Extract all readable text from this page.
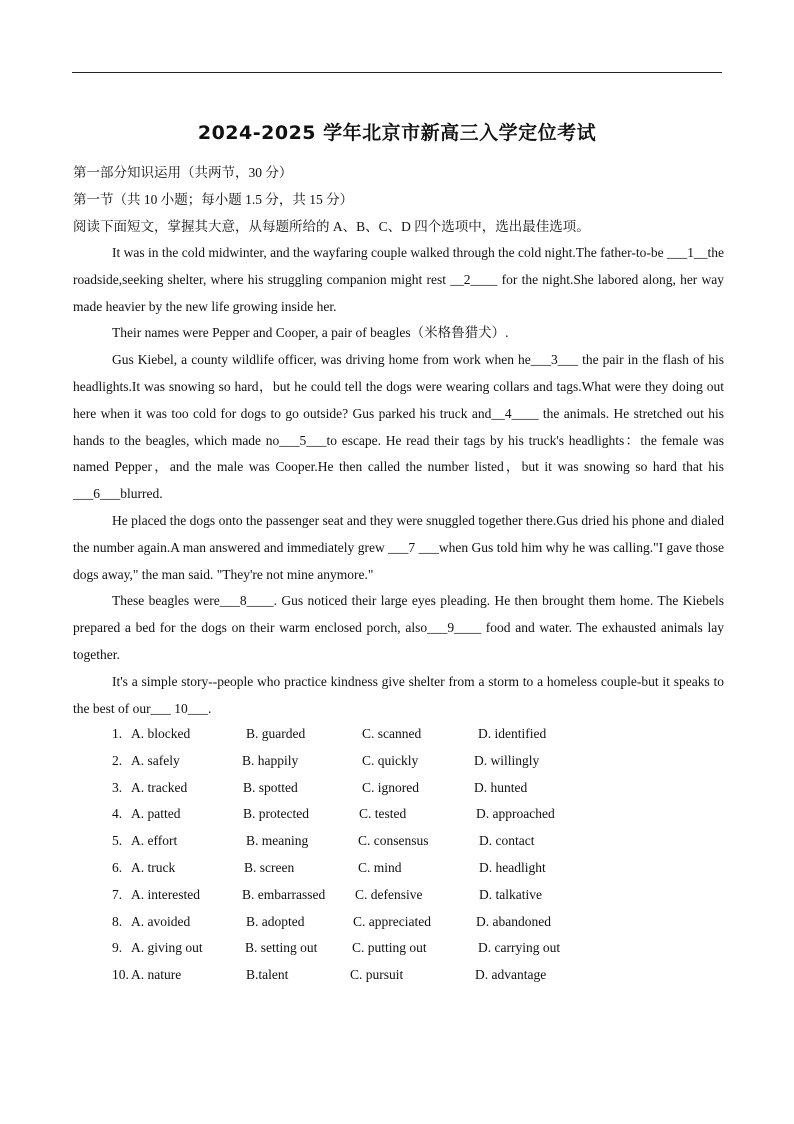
2024-2025 学年北京市新高三入学定位考试
第一部分知识运用（共两节，30 分）
第一节（共 10 小题；每小题 1.5 分，共 15 分）
阅读下面短文，掌握其大意，从每题所给的 A、B、C、D 四个选项中，选出最佳选项。

It was in the cold midwinter, and the wayfaring couple walked through the cold night.The father-to-be ___1__the roadside,seeking shelter, where his struggling companion might rest __2____ for the night.She labored along, her way made heavier by the new life growing inside her.

Their names were Pepper and Cooper, a pair of beagles（米格鲁猎犬）.

Gus Kiebel, a county wildlife officer, was driving home from work when he___3___ the pair in the flash of his headlights.It was snowing so hard，but he could tell the dogs were wearing collars and tags.What were they doing out here when it was too cold for dogs to go outside? Gus parked his truck and__4____ the animals. He stretched out his hands to the beagles, which made no___5___to escape. He read their tags by his truck's headlights：the female was named Pepper，and the male was Cooper.He then called the number listed，but it was snowing so hard that his ___6___blurred.

He placed the dogs onto the passenger seat and they were snuggled together there.Gus dried his phone and dialed the number again.A man answered and immediately grew ___7 ___when Gus told him why he was calling."I gave those dogs away," the man said. "They're not mine anymore."

These beagles were___8____. Gus noticed their large eyes pleading. He then brought them home. The Kiebels prepared a bed for the dogs on their warm enclosed porch, also___9____ food and water. The exhausted animals lay together.

It's a simple story--people who practice kindness give shelter from a storm to a homeless couple-but it speaks to the best of our___ 10___.

1. A. blocked	B. guarded	C. scanned	D. identified
2. A. safely	B. happily	C. quickly	D. willingly
3. A. tracked	B. spotted	C. ignored	D. hunted
4. A. patted	B. protected	C. tested	D. approached
5. A. effort	B. meaning	C. consensus	D. contact
6. A. truck	B. screen	C. mind	D. headlight
7. A. interested	B. embarrassed C. defensive	D. talkative
8. A. avoided	B. adopted	C. appreciated	D. abandoned
9. A. giving out	B. setting out	C. putting out	D. carrying out
10. A. nature	B.talent	C. pursuit	D. advantage
